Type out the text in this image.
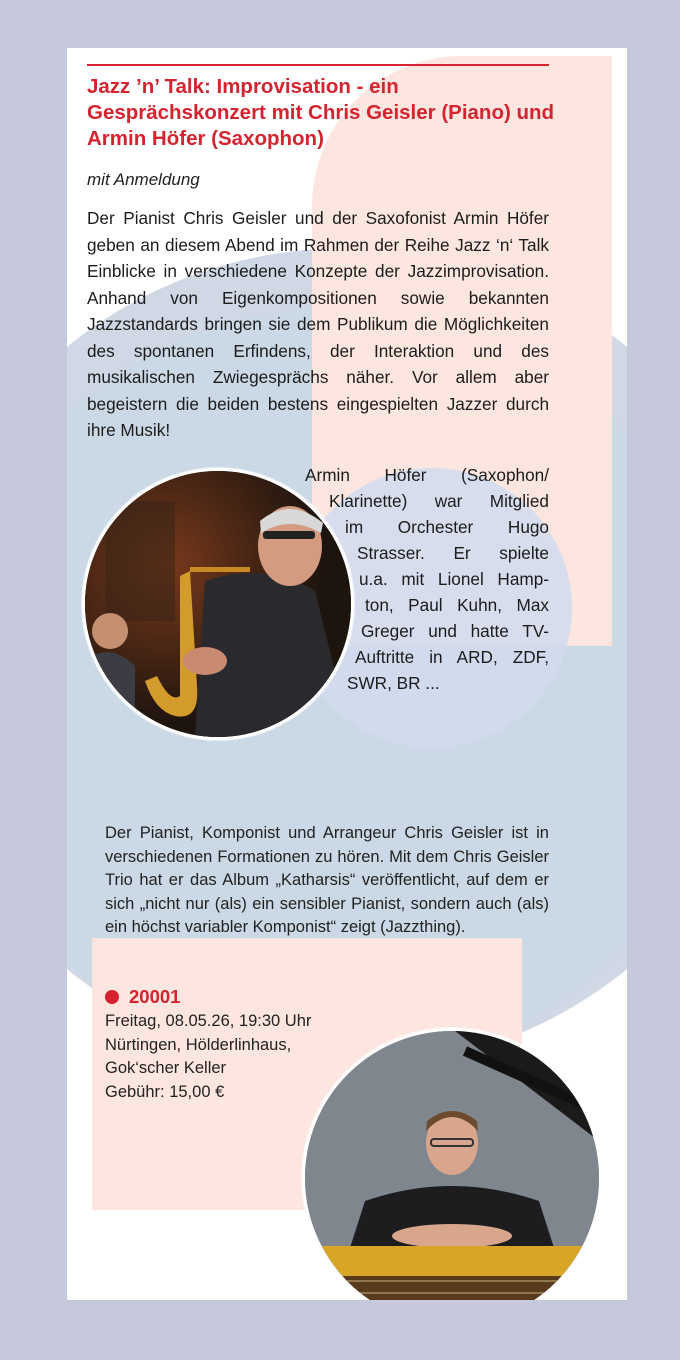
Jazz ’n’ Talk: Improvisation - ein Gesprächskonzert mit Chris Geisler (Piano) und Armin Höfer (Saxophon)

mit Anmeldung

Der Pianist Chris Geisler und der Saxofonist Armin Höfer geben an diesem Abend im Rahmen der Reihe Jazz ‘n‘ Talk Einblicke in verschiedene Konzepte der Jazzimprovisation. Anhand von Eigenkompositionen sowie bekannten Jazzstandards bringen sie dem Publikum die Möglichkeiten des spontanen Erfindens, der Interaktion und des musikalischen Zwiegesprächs näher. Vor allem aber begeistern die beiden bestens eingespielten Jazzer durch ihre Musik!

Armin Höfer (Saxophon/
Klarinette) war Mitglied
im Orchester Hugo
Strasser. Er spielte
u.a. mit Lionel Hamp-
ton, Paul Kuhn, Max
Greger und hatte TV-
Auftritte in ARD, ZDF,
SWR, BR ...

Der Pianist, Komponist und Arrangeur Chris Geisler ist in verschiedenen Formationen zu hören. Mit dem Chris Geisler Trio hat er das Album „Katharsis“ veröffentlicht, auf dem er sich „nicht nur (als) ein sensibler Pianist, sondern auch (als) ein höchst variabler Komponist“ zeigt (Jazzthing).

20001
Freitag, 08.05.26, 19:30 Uhr
Nürtingen, Hölderlinhaus,
Gok‘scher Keller
Gebühr: 15,00 €
